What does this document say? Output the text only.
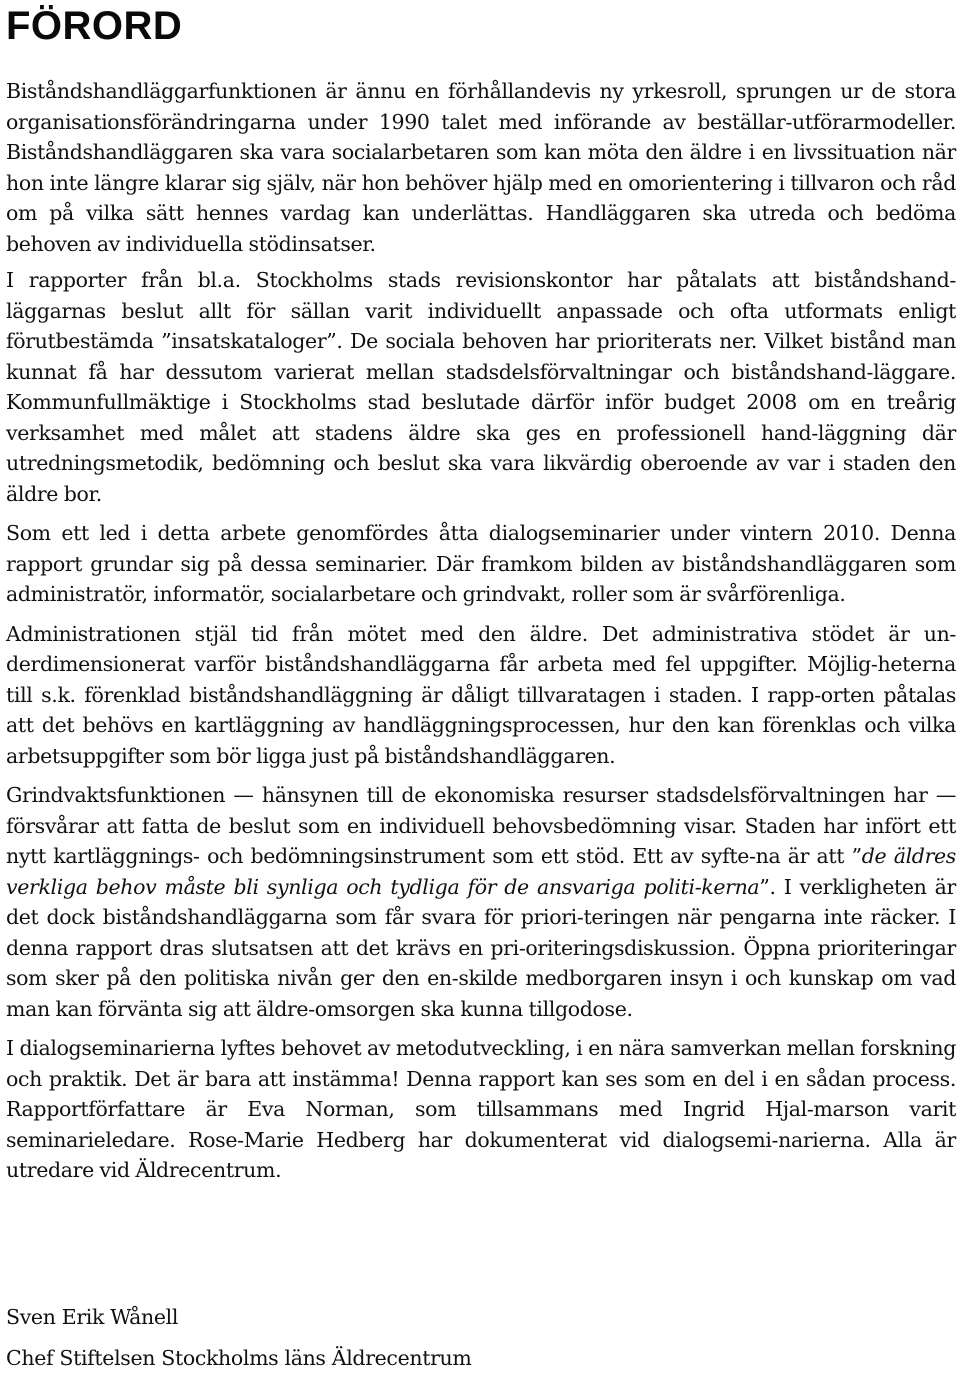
FÖRORD

Biståndshandläggarfunktionen är ännu en förhållandevis ny yrkesroll, sprungen ur de stora organisationsförändringarna under 1990 talet med införande av beställar-utförarmodeller. Biståndshandläggaren ska vara socialarbetaren som kan möta den äldre i en livssituation när hon inte längre klarar sig själv, när hon behöver hjälp med en omorientering i tillvaron och råd om på vilka sätt hennes vardag kan underlättas. Handläggaren ska utreda och bedöma behoven av individuella stödinsatser.

I rapporter från bl.a. Stockholms stads revisionskontor har påtalats att biståndshand-läggarnas beslut allt för sällan varit individuellt anpassade och ofta utformats enligt förutbestämda ”insatskataloger”. De sociala behoven har prioriterats ner. Vilket bistånd man kunnat få har dessutom varierat mellan stadsdelsförvaltningar och biståndshand-läggare. Kommunfullmäktige i Stockholms stad beslutade därför inför budget 2008 om en treårig verksamhet med målet att stadens äldre ska ges en professionell hand-läggning där utredningsmetodik, bedömning och beslut ska vara likvärdig oberoende av var i staden den äldre bor.

Som ett led i detta arbete genomfördes åtta dialogseminarier under vintern 2010. Denna rapport grundar sig på dessa seminarier. Där framkom bilden av biståndshandläggaren som administratör, informatör, socialarbetare och grindvakt, roller som är svårförenliga.

Administrationen stjäl tid från mötet med den äldre. Det administrativa stödet är un-derdimensionerat varför biståndshandläggarna får arbeta med fel uppgifter. Möjlig-heterna till s.k. förenklad biståndshandläggning är dåligt tillvaratagen i staden. I rapp-orten påtalas att det behövs en kartläggning av handläggningsprocessen, hur den kan förenklas och vilka arbetsuppgifter som bör ligga just på biståndshandläggaren.

Grindvaktsfunktionen — hänsynen till de ekonomiska resurser stadsdelsförvaltningen har — försvårar att fatta de beslut som en individuell behovsbedömning visar. Staden har infört ett nytt kartläggnings- och bedömningsinstrument som ett stöd. Ett av syfte-na är att ”de äldres verkliga behov måste bli synliga och tydliga för de ansvariga politi-kerna”. I verkligheten är det dock biståndshandläggarna som får svara för priori-teringen när pengarna inte räcker. I denna rapport dras slutsatsen att det krävs en pri-oriteringsdiskussion. Öppna prioriteringar som sker på den politiska nivån ger den en-skilde medborgaren insyn i och kunskap om vad man kan förvänta sig att äldre-omsorgen ska kunna tillgodose.

I dialogseminarierna lyftes behovet av metodutveckling, i en nära samverkan mellan forskning och praktik. Det är bara att instämma! Denna rapport kan ses som en del i en sådan process. Rapportförfattare är Eva Norman, som tillsammans med Ingrid Hjal-marson varit seminarieledare. Rose-Marie Hedberg har dokumenterat vid dialogsemi-narierna. Alla är utredare vid Äldrecentrum.

Sven Erik Wånell

Chef Stiftelsen Stockholms läns Äldrecentrum
